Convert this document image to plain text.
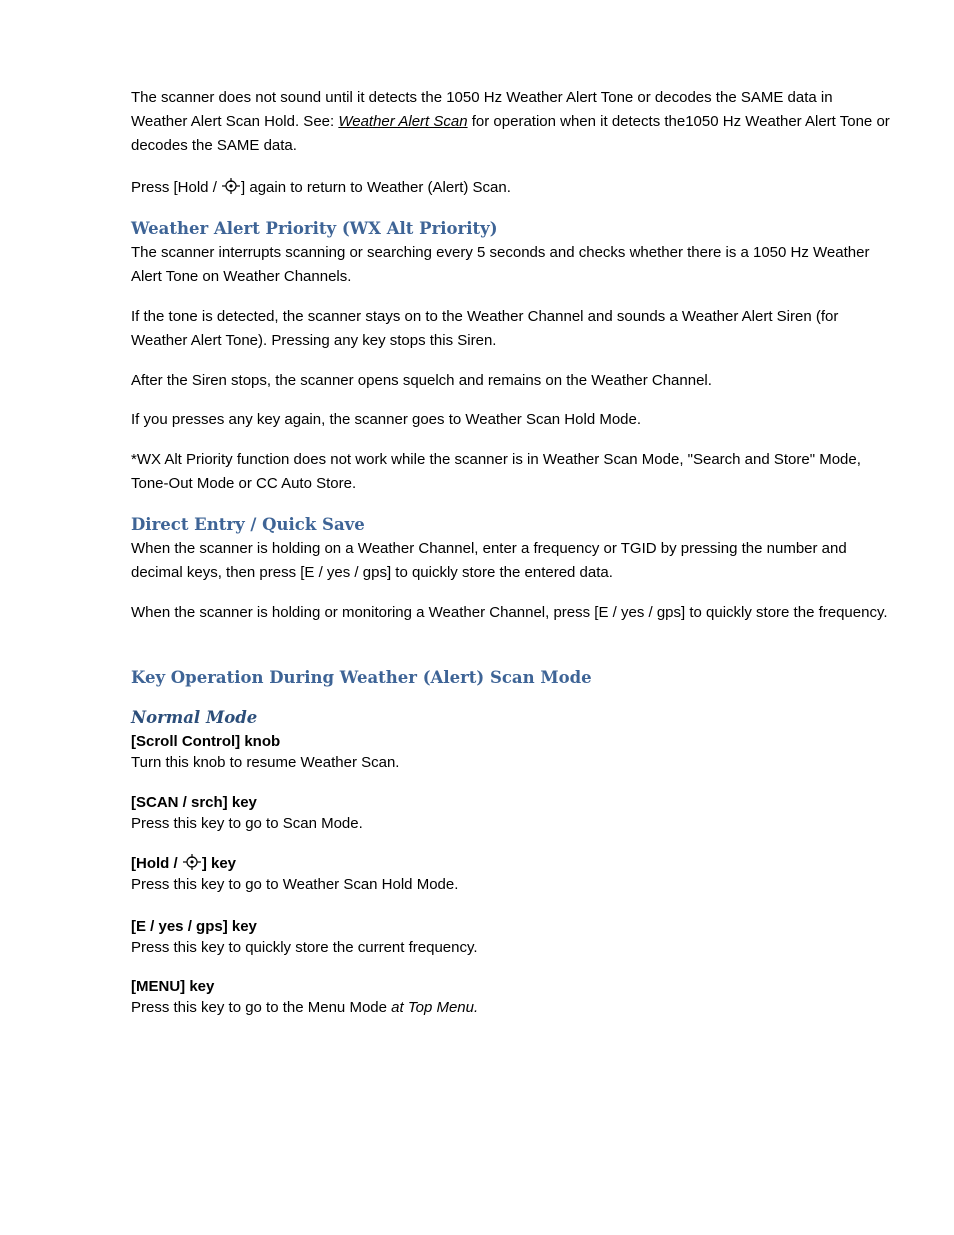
The scanner does not sound until it detects the 1050 Hz Weather Alert Tone or decodes the SAME data in Weather Alert Scan Hold. See: Weather Alert Scan for operation when it detects the1050 Hz Weather Alert Tone or decodes the SAME data.

Press [Hold / ] again to return to Weather (Alert) Scan.

Weather Alert Priority (WX Alt Priority)

The scanner interrupts scanning or searching every 5 seconds and checks whether there is a 1050 Hz Weather Alert Tone on Weather Channels.

If the tone is detected, the scanner stays on to the Weather Channel and sounds a Weather Alert Siren (for Weather Alert Tone). Pressing any key stops this Siren.

After the Siren stops, the scanner opens squelch and remains on the Weather Channel.

If you presses any key again, the scanner goes to Weather Scan Hold Mode.

*WX Alt Priority function does not work while the scanner is in Weather Scan Mode, "Search and Store" Mode, Tone-Out Mode or CC Auto Store.

Direct Entry / Quick Save

When the scanner is holding on a Weather Channel, enter a frequency or TGID by pressing the number and decimal keys, then press [E / yes / gps] to quickly store the entered data.

When the scanner is holding or monitoring a Weather Channel, press [E / yes / gps] to quickly store the frequency.

Key Operation During Weather (Alert) Scan Mode
Normal Mode

[Scroll Control] knob

Turn this knob to resume Weather Scan.

[SCAN / srch] key

Press this key to go to Scan Mode.

[Hold / ] key

Press this key to go to Weather Scan Hold Mode.

[E / yes / gps] key

Press this key to quickly store the current frequency.

[MENU] key

Press this key to go to the Menu Mode at Top Menu.
